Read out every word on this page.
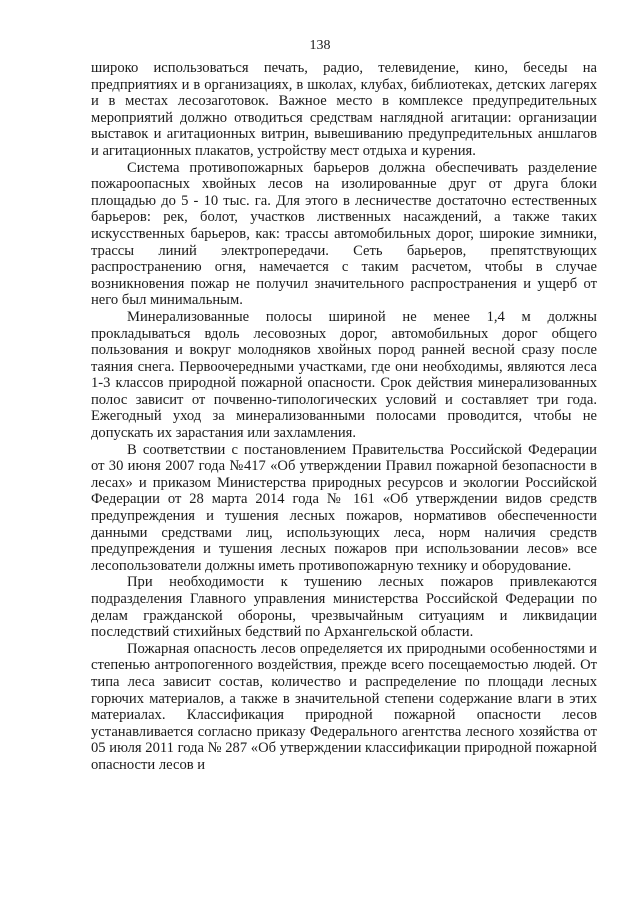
138

широко использоваться печать, радио, телевидение, кино, беседы на предприятиях и в организациях, в школах, клубах, библиотеках, детских лагерях и в местах лесозаготовок. Важное место в комплексе предупредительных мероприятий должно отводиться средствам наглядной агитации: организации выставок и агитационных витрин, вывешиванию предупредительных аншлагов и агитационных плакатов, устройству мест отдыха и курения.

Система противопожарных барьеров должна обеспечивать разделение пожароопасных хвойных лесов на изолированные друг от друга блоки площадью до 5 - 10 тыс. га. Для этого в лесничестве достаточно естественных барьеров: рек, болот, участков лиственных насаждений, а также таких искусственных барьеров, как: трассы автомобильных дорог, широкие зимники, трассы линий электропередачи. Сеть барьеров, препятствующих распространению огня, намечается с таким расчетом, чтобы в случае возникновения пожар не получил значительного распространения и ущерб от него был минимальным.

Минерализованные полосы шириной не менее 1,4 м должны прокладываться вдоль лесовозных дорог, автомобильных дорог общего пользования и вокруг молодняков хвойных пород ранней весной сразу после таяния снега. Первоочередными участками, где они необходимы, являются леса 1-3 классов природной пожарной опасности. Срок действия минерализованных полос зависит от почвенно-типологических условий и составляет три года. Ежегодный уход за минерализованными полосами проводится, чтобы не допускать их зарастания или захламления.

В соответствии с постановлением Правительства Российской Федерации от 30 июня 2007 года №417 «Об утверждении Правил пожарной безопасности в лесах» и приказом Министерства природных ресурсов и экологии Российской Федерации от 28 марта 2014 года № 161 «Об утверждении видов средств предупреждения и тушения лесных пожаров, нормативов обеспеченности данными средствами лиц, использующих леса, норм наличия средств предупреждения и тушения лесных пожаров при использовании лесов» все лесопользователи должны иметь противопожарную технику и оборудование.

При необходимости к тушению лесных пожаров привлекаются подразделения Главного управления министерства Российской Федерации по делам гражданской обороны, чрезвычайным ситуациям и ликвидации последствий стихийных бедствий по Архангельской области.

Пожарная опасность лесов определяется их природными особенностями и степенью антропогенного воздействия, прежде всего посещаемостью людей. От типа леса зависит состав, количество и распределение по площади лесных горючих материалов, а также в значительной степени содержание влаги в этих материалах. Классификация природной пожарной опасности лесов устанавливается согласно приказу Федерального агентства лесного хозяйства от 05 июля 2011 года № 287 «Об утверждении классификации природной пожарной опасности лесов и
